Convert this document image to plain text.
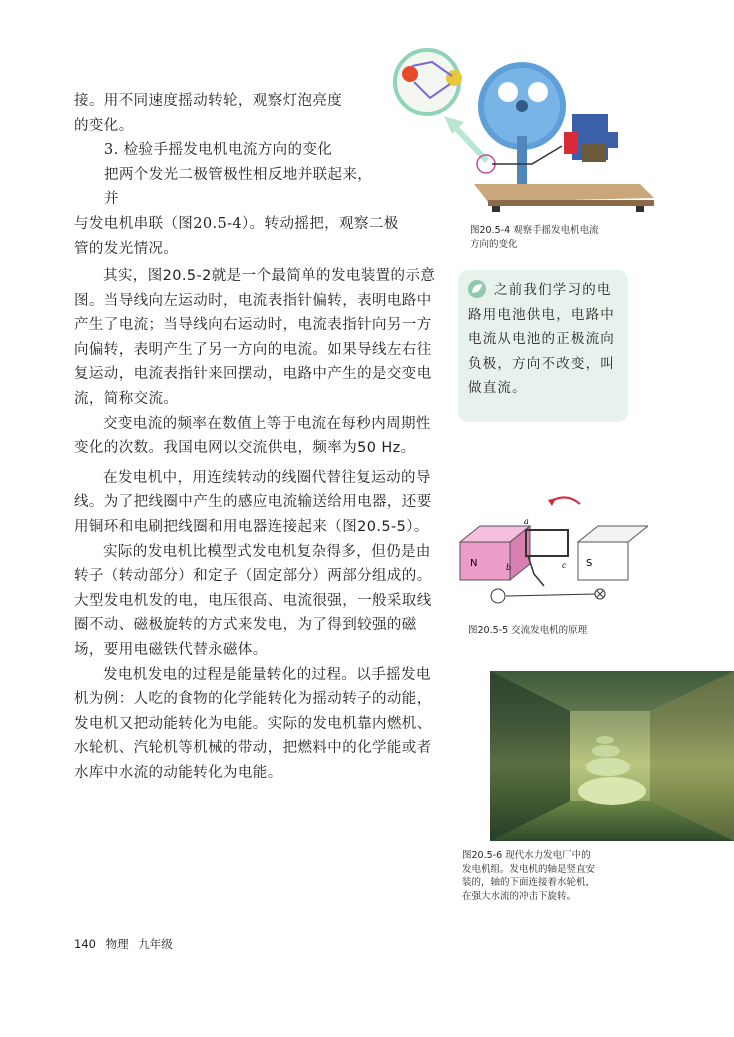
接。用不同速度摇动转轮，观察灯泡亮度

的变化。

3. 检验手摇发电机电流方向的变化

把两个发光二极管极性相反地并联起来，并

与发电机串联（图20.5-4）。转动摇把，观察二极

管的发光情况。

图20.5-4 观察手摇发电机电流
方向的变化

其实，图20.5-2就是一个最简单的发电装置的示意图。当导线向左运动时，电流表指针偏转，表明电路中产生了电流；当导线向右运动时，电流表指针向另一方向偏转，表明产生了另一方向的电流。如果导线左右往复运动，电流表指针来回摆动，电路中产生的是交变电流，简称交流。

交变电流的频率在数值上等于电流在每秒内周期性变化的次数。我国电网以交流供电，频率为50 Hz。

在发电机中，用连续转动的线圈代替往复运动的导线。为了把线圈中产生的感应电流输送给用电器，还要用铜环和电刷把线圈和用电器连接起来（图20.5-5）。

实际的发电机比模型式发电机复杂得多，但仍是由转子（转动部分）和定子（固定部分）两部分组成的。大型发电机发的电，电压很高、电流很强，一般采取线圈不动、磁极旋转的方式来发电，为了得到较强的磁场，要用电磁铁代替永磁体。

发电机发电的过程是能量转化的过程。以手摇发电机为例：人吃的食物的化学能转化为摇动转子的动能，发电机又把动能转化为电能。实际的发电机靠内燃机、水轮机、汽轮机等机械的带动，把燃料中的化学能或者水库中水流的动能转化为电能。

之前我们学习的电路用电池供电，电路中电流从电池的正极流向负极，方向不改变，叫做直流。
N	S
a
b	c
图20.5-5 交流发电机的原理
图20.5-6 现代水力发电厂中的
发电机组。发电机的轴是竖直安
装的，轴的下面连接着水轮机，
在强大水流的冲击下旋转。
140 物理 九年级
